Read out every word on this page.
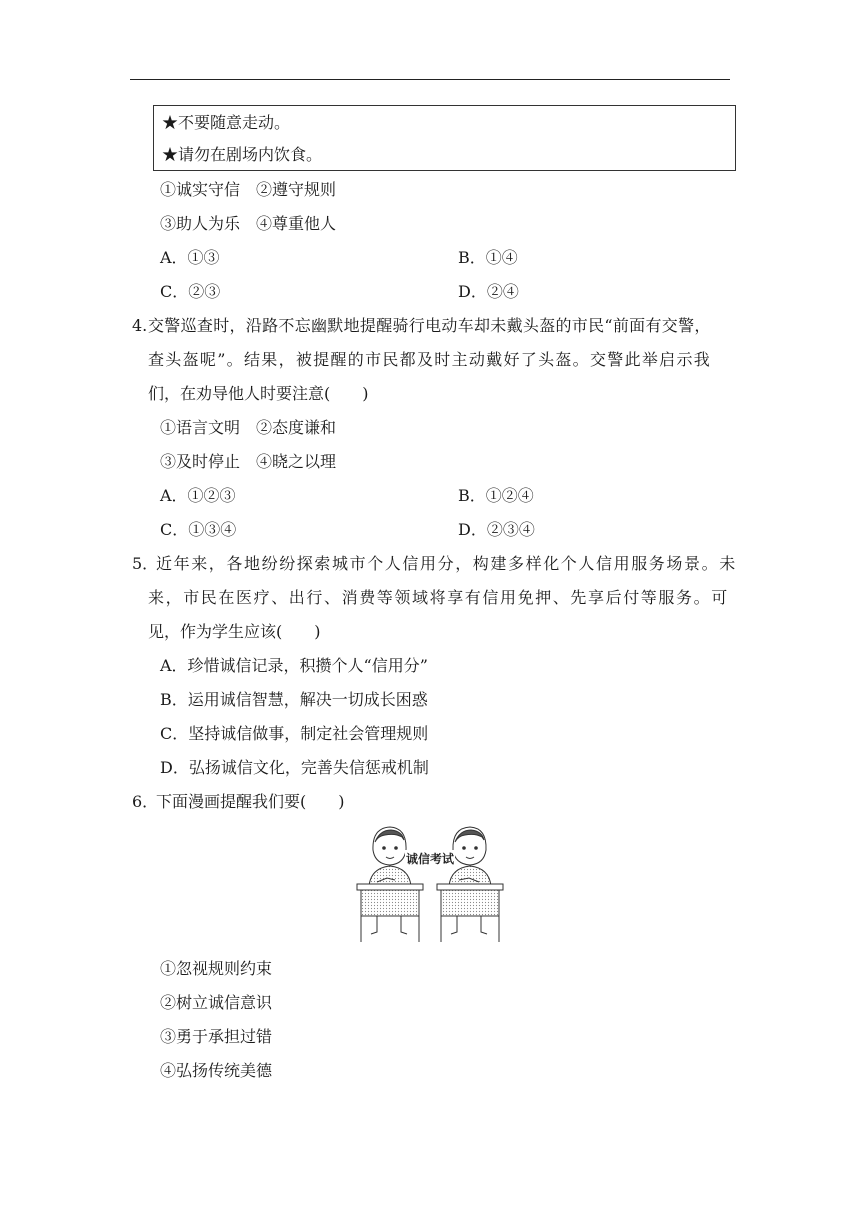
★不要随意走动。
★请勿在剧场内饮食。
①诚实守信　②遵守规则
③助人为乐　④尊重他人
A．①③	B．①④
C．②③	D．②④
4. 交警巡查时，沿路不忘幽默地提醒骑行电动车却未戴头盔的市民“前面有交警，
查头盔呢”。结果，被提醒的市民都及时主动戴好了头盔。交警此举启示我
们，在劝导他人时要注意(　　)
①语言文明　②态度谦和
③及时停止　④晓之以理
A．①②③	B．①②④
C．①③④	D．②③④
5．
近年来，各地纷纷探索城市个人信用分，构建多样化个人信用服务场景。未
来，市民在医疗、出行、消费等领域将享有信用免押、先享后付等服务。可
见，作为学生应该(　　)
A．珍惜诚信记录，积攒个人“信用分”
B．运用诚信智慧，解决一切成长困惑
C．坚持诚信做事，制定社会管理规则
D．弘扬诚信文化，完善失信惩戒机制
6．
下面漫画提醒我们要(　　)
诚信考试
①忽视规则约束
②树立诚信意识
③勇于承担过错
④弘扬传统美德
